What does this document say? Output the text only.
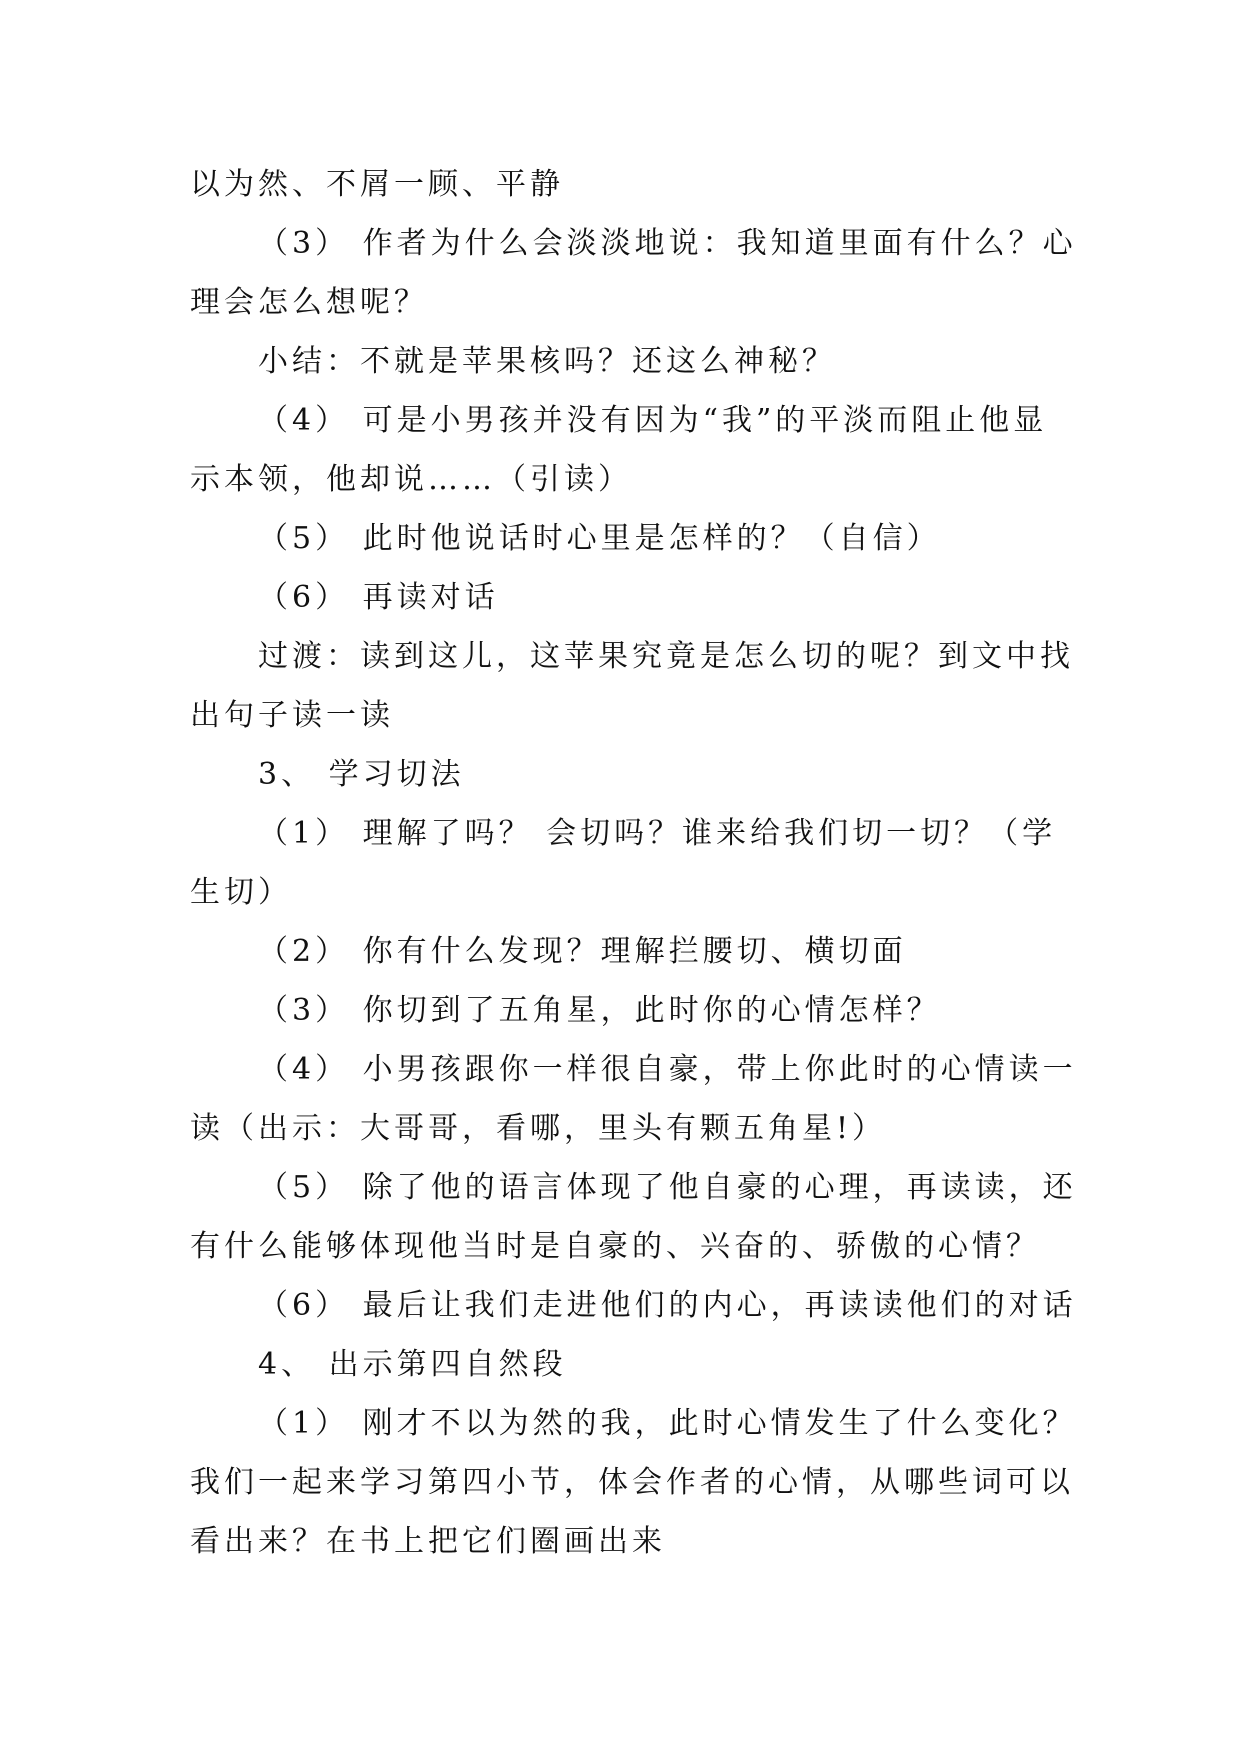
以为然、不屑一顾、平静
（3） 作者为什么会淡淡地说：我知道里面有什么？心
理会怎么想呢？
小结：不就是苹果核吗？还这么神秘？
（4） 可是小男孩并没有因为“我”的平淡而阻止他显
示本领，他却说……（引读）
（5） 此时他说话时心里是怎样的？（自信）
（6） 再读对话
过渡：读到这儿，这苹果究竟是怎么切的呢？到文中找
出句子读一读
3、 学习切法
（1） 理解了吗？ 会切吗？谁来给我们切一切？（学
生切）
（2） 你有什么发现？理解拦腰切、横切面
（3） 你切到了五角星，此时你的心情怎样？
（4） 小男孩跟你一样很自豪，带上你此时的心情读一
读（出示：大哥哥，看哪，里头有颗五角星!）
（5） 除了他的语言体现了他自豪的心理，再读读，还
有什么能够体现他当时是自豪的、兴奋的、骄傲的心情？
（6） 最后让我们走进他们的内心，再读读他们的对话
4、 出示第四自然段
（1） 刚才不以为然的我，此时心情发生了什么变化？
我们一起来学习第四小节，体会作者的心情，从哪些词可以
看出来？在书上把它们圈画出来
